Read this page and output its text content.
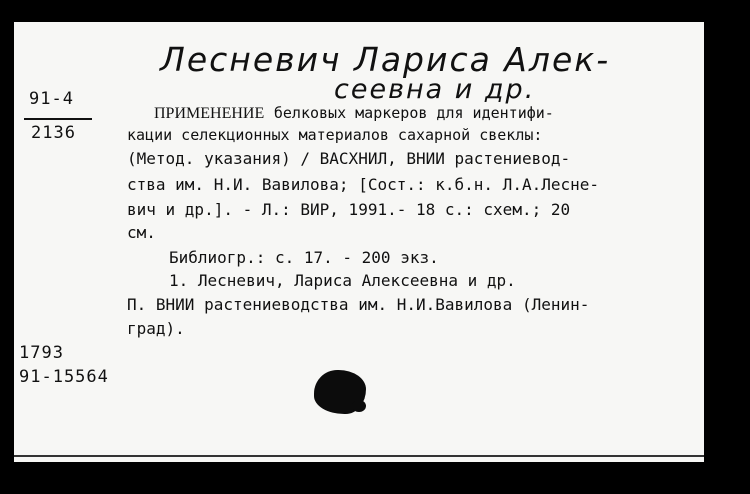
Лесневич Лариса Алек-
сеевна и др.
91-4
2136
ПРИМЕНЕНИЕ белковых маркеров для идентифи-
кации селекционных материалов сахарной свеклы:
(Метод. указания) / ВАСХНИЛ, ВНИИ растениевод-
ства им. Н.И. Вавилова; [Сост.: к.б.н. Л.А.Лесне-
вич и др.]. - Л.: ВИР, 1991.- 18 с.: схем.; 20
см.
Библиогр.: с. 17. - 200 экз.
1. Лесневич, Лариса Алексеевна и др.
П. ВНИИ растениеводства им. Н.И.Вавилова (Ленин-
град).
1793
91-15564
